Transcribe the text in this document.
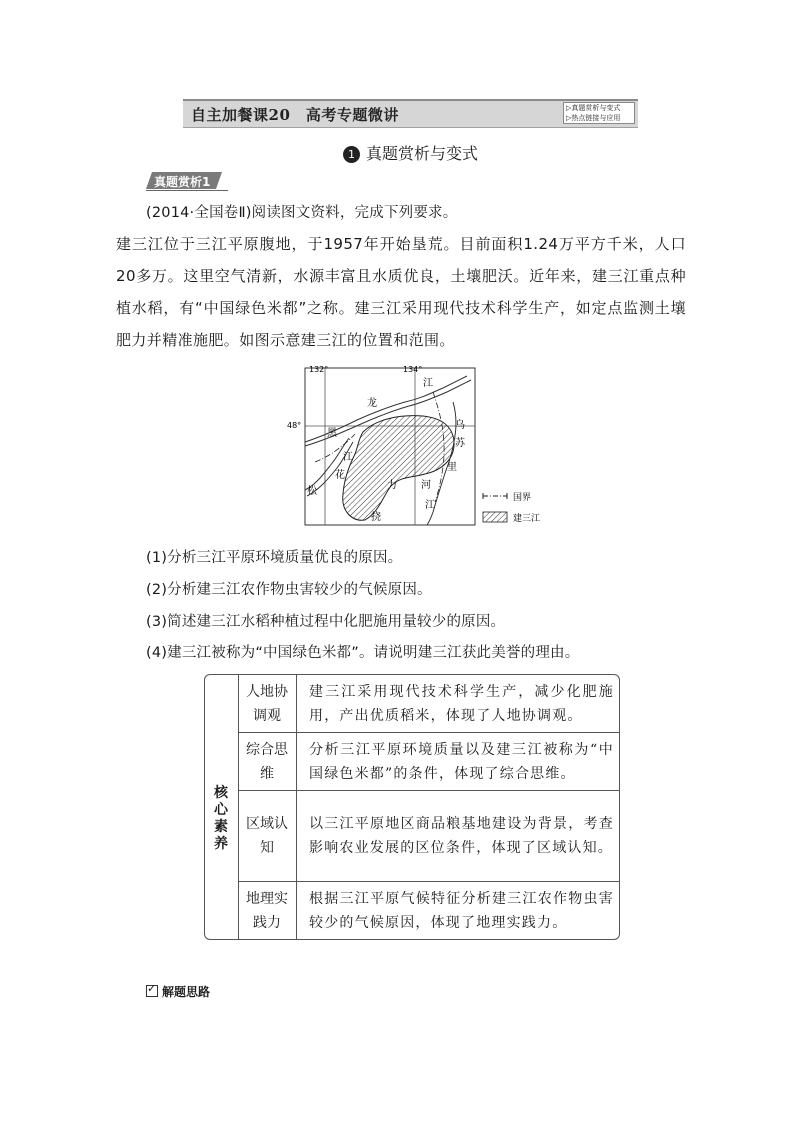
自主加餐课20　高考专题微讲	▷真题赏析与变式
▷热点链接与应用
1 真题赏析与变式
真题赏析1
(2014·全国卷Ⅱ)阅读图文资料，完成下列要求。
建三江位于三江平原腹地，于1957年开始垦荒。目前面积1.24万平方千米，人口20多万。这里空气清新，水源丰富且水质优良，土壤肥沃。近年来，建三江重点种植水稻，有“中国绿色米都”之称。建三江采用现代技术科学生产，如定点监测土壤肥力并精准施肥。如图示意建三江的位置和范围。
132°	134°
48°
江
龙
乌
黑
苏
江
里
花
力 河
松
江
挠
国界
建三江
(1)分析三江平原环境质量优良的原因。
(2)分析建三江农作物虫害较少的气候原因。
(3)简述建三江水稻种植过程中化肥施用量较少的原因。
(4)建三江被称为“中国绿色米都”。请说明建三江获此美誉的理由。
核心素养
人地协调观
建三江采用现代技术科学生产，减少化肥施用，产出优质稻米，体现了人地协调观。
综合思维
分析三江平原环境质量以及建三江被称为“中国绿色米都”的条件，体现了综合思维。
区域认知
以三江平原地区商品粮基地建设为背景，考查影响农业发展的区位条件，体现了区域认知。
地理实践力
根据三江平原气候特征分析建三江农作物虫害较少的气候原因，体现了地理实践力。
✓解题思路
